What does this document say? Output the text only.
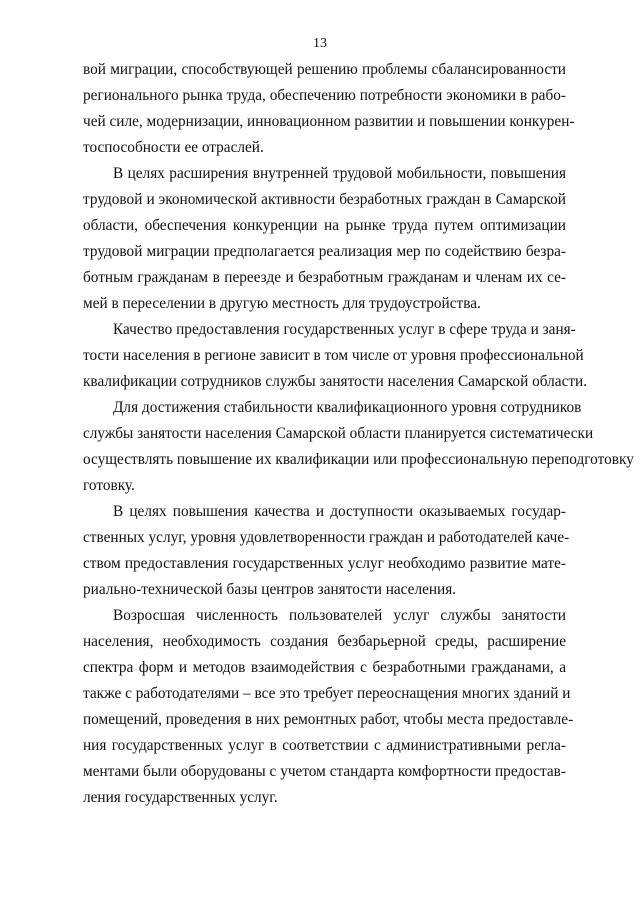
13
вой миграции, способствующей решению проблемы сбалансированности
регионального рынка труда, обеспечению потребности экономики в рабо-
чей силе, модернизации, инновационном развитии и повышении конкурен-
тоспособности ее отраслей.
В целях расширения внутренней трудовой мобильности, повышения
трудовой и экономической активности безработных граждан в Самарской
области, обеспечения конкуренции на рынке труда путем оптимизации
трудовой миграции предполагается реализация мер по содействию безра-
ботным гражданам в переезде и безработным гражданам и членам их се-
мей в переселении в другую местность для трудоустройства.
Качество предоставления государственных услуг в сфере труда и заня-
тости населения в регионе зависит в том числе от уровня профессиональной
квалификации сотрудников службы занятости населения Самарской области.
Для достижения стабильности квалификационного уровня сотрудников
службы занятости населения Самарской области планируется систематически
осуществлять повышение их квалификации или профессиональную переподготовку
готовку.
В целях повышения качества и доступности оказываемых государ-
ственных услуг, уровня удовлетворенности граждан и работодателей каче-
ством предоставления государственных услуг необходимо развитие мате-
риально-технической базы центров занятости населения.
Возросшая численность пользователей услуг службы занятости
населения, необходимость создания безбарьерной среды, расширение
спектра форм и методов взаимодействия с безработными гражданами, а
также с работодателями – все это требует переоснащения многих зданий и
помещений, проведения в них ремонтных работ, чтобы места предоставле-
ния государственных услуг в соответствии с административными регла-
ментами были оборудованы с учетом стандарта комфортности предостав-
ления государственных услуг.
